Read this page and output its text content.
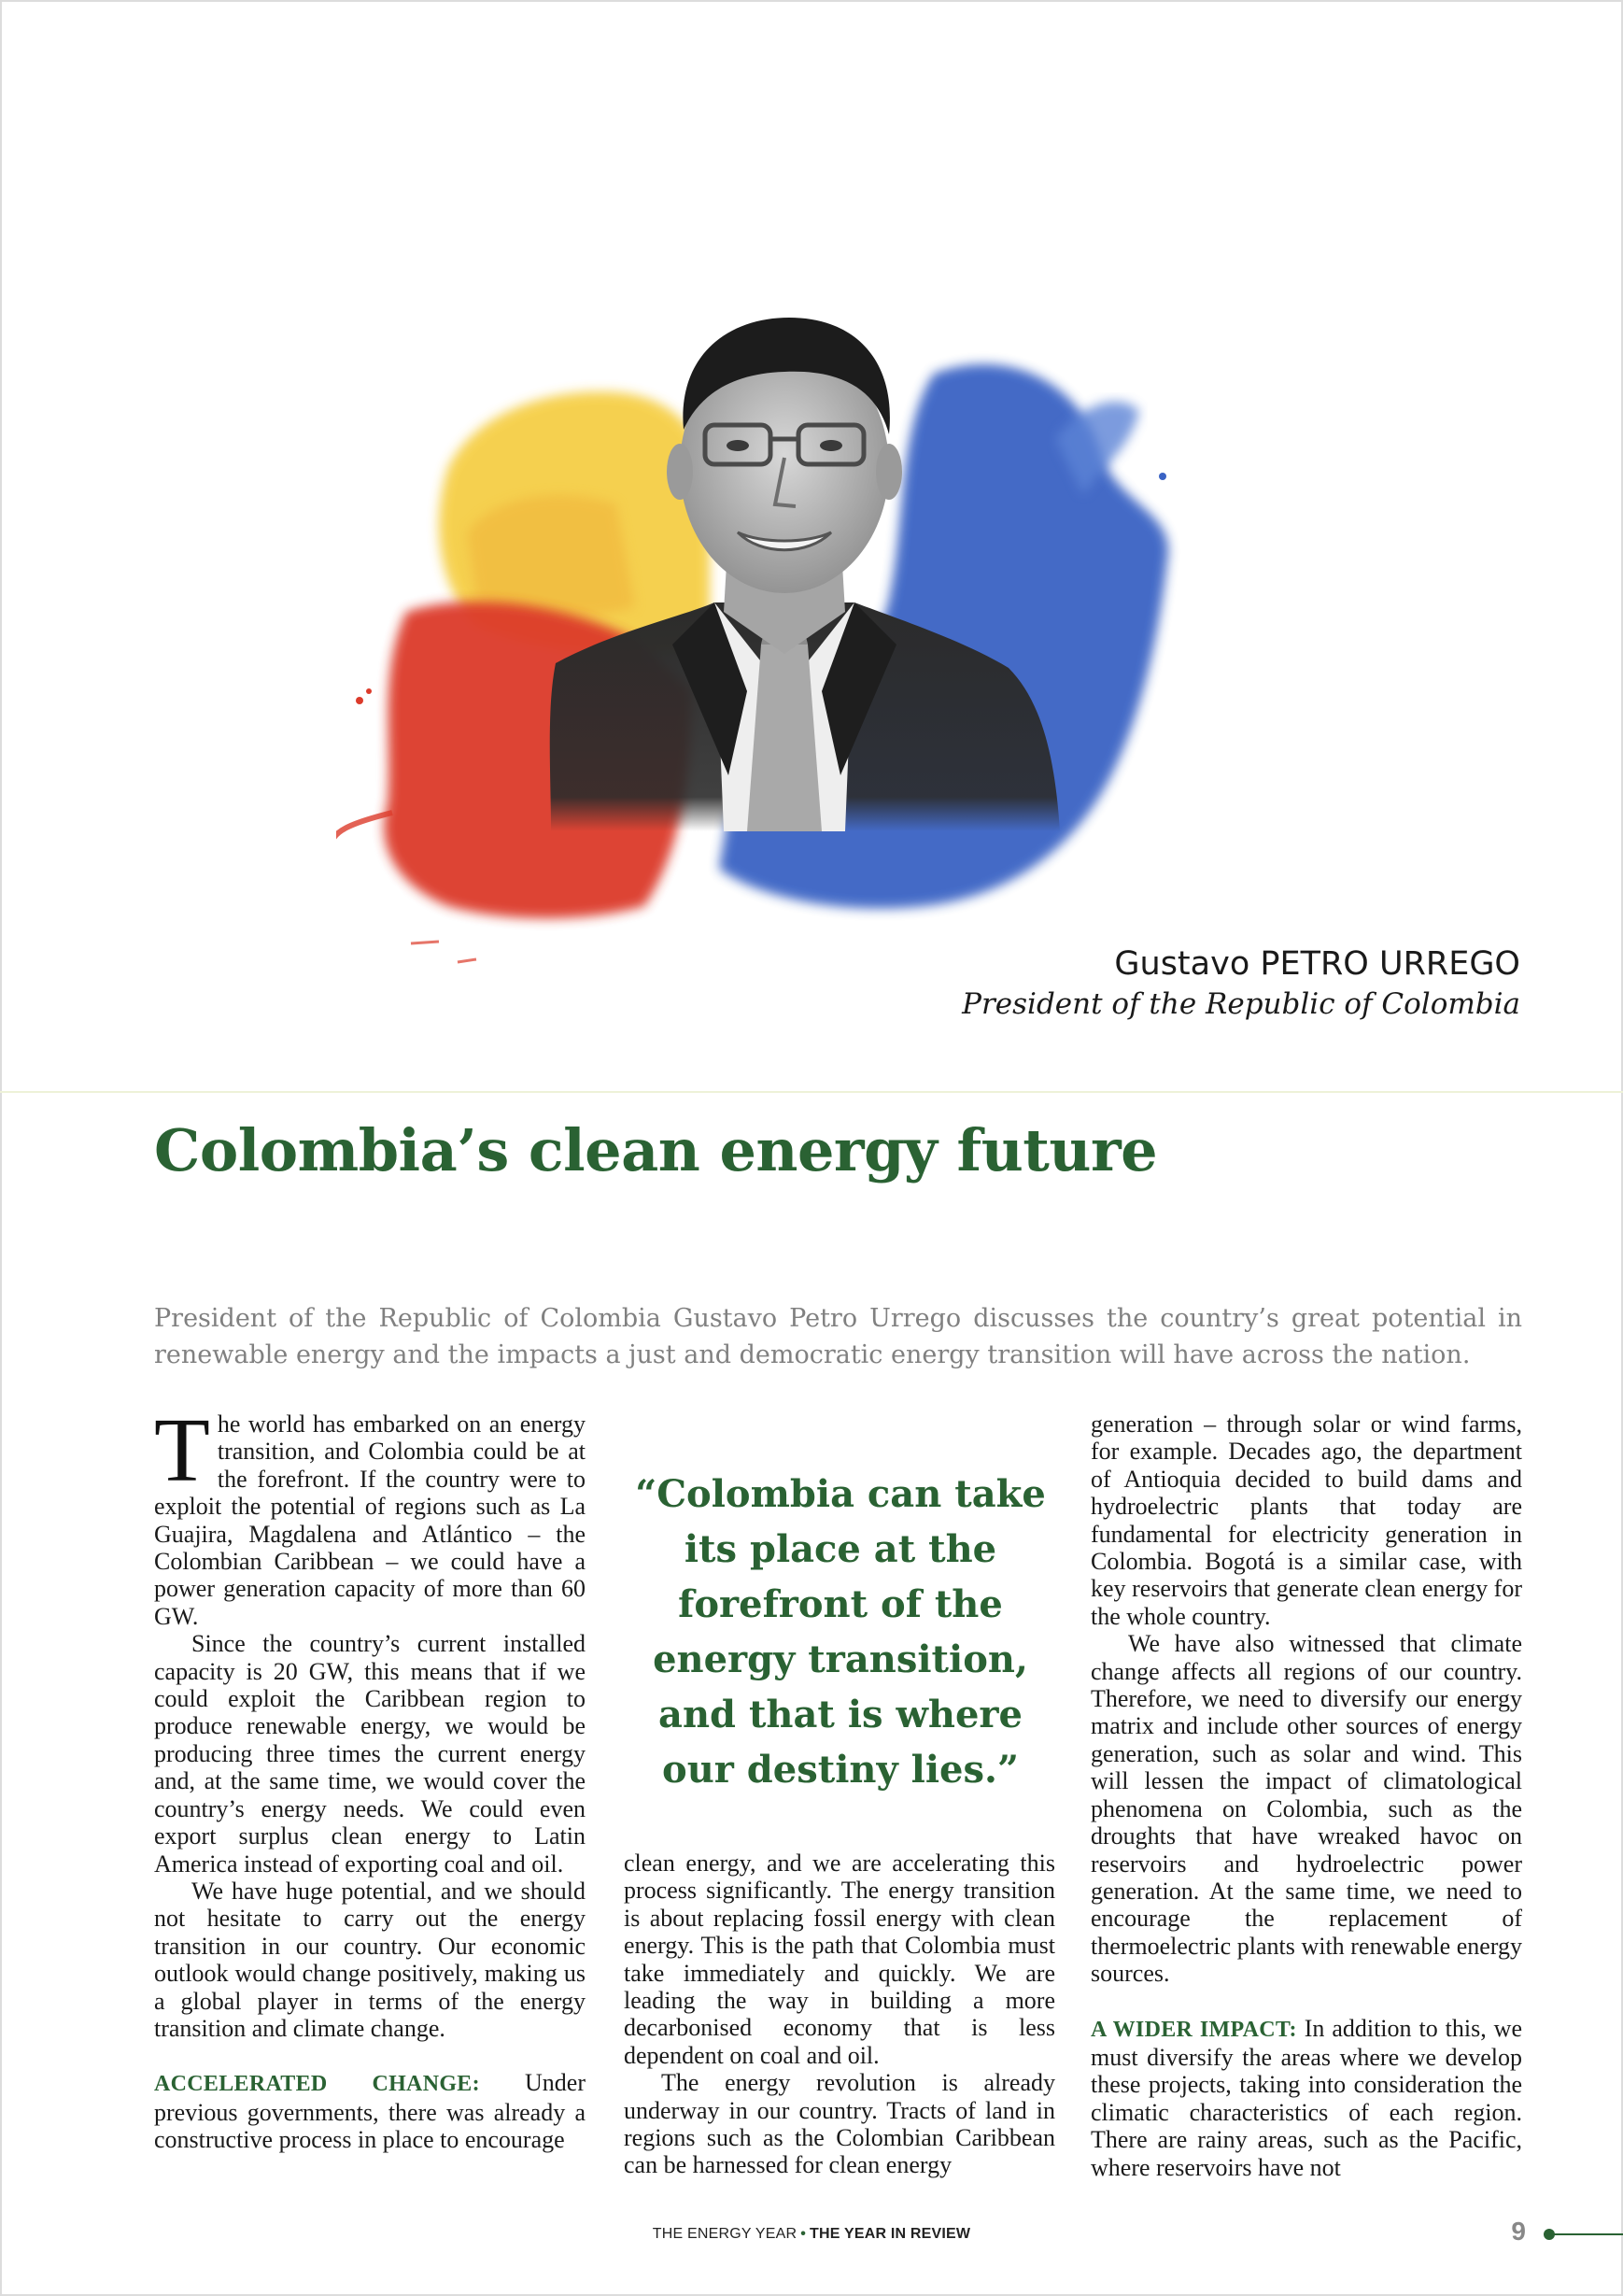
Gustavo PETRO URREGO
President of the Republic of Colombia
Colombia’s clean energy future

President of the Republic of Colombia Gustavo Petro Urrego discusses the country’s great potential in renewable energy and the impacts a just and democratic energy transition will have across the nation.

The world has embarked on an energy transition, and Colombia could be at the forefront. If the country were to exploit the potential of regions such as La Guajira, Magdalena and Atlántico – the Colombian Caribbean – we could have a power generation capacity of more than 60 GW.

Since the country’s current installed capacity is 20 GW, this means that if we could exploit the Caribbean region to produce renewable energy, we would be producing three times the current energy and, at the same time, we would cover the country’s energy needs. We could even export surplus clean energy to Latin America instead of exporting coal and oil.

We have huge potential, and we should not hesitate to carry out the energy transition in our country. Our economic outlook would change positively, making us a global player in terms of the energy transition and climate change.

ACCELERATED CHANGE: Under previous governments, there was already a constructive process in place to encourage

“Colombia can take its place at the forefront of the energy transition, and that is where our destiny lies.”

clean energy, and we are accelerating this process significantly. The energy transition is about replacing fossil energy with clean energy. This is the path that Colombia must take immediately and quickly. We are leading the way in building a more decarbonised economy that is less dependent on coal and oil.

The energy revolution is already underway in our country. Tracts of land in regions such as the Colombian Caribbean can be harnessed for clean energy

generation – through solar or wind farms, for example. Decades ago, the department of Antioquia decided to build dams and hydroelectric plants that today are fundamental for electricity generation in Colombia. Bogotá is a similar case, with key reservoirs that generate clean energy for the whole country.

We have also witnessed that climate change affects all regions of our country. Therefore, we need to diversify our energy matrix and include other sources of energy generation, such as solar and wind. This will lessen the impact of climatological phenomena on Colombia, such as the droughts that have wreaked havoc on reservoirs and hydroelectric power generation. At the same time, we need to encourage the replacement of thermoelectric plants with renewable energy sources.

A WIDER IMPACT: In addition to this, we must diversify the areas where we develop these projects, taking into consideration the climatic characteristics of each region. There are rainy areas, such as the Pacific, where reservoirs have not

THE ENERGY YEAR • THE YEAR IN REVIEW	9
